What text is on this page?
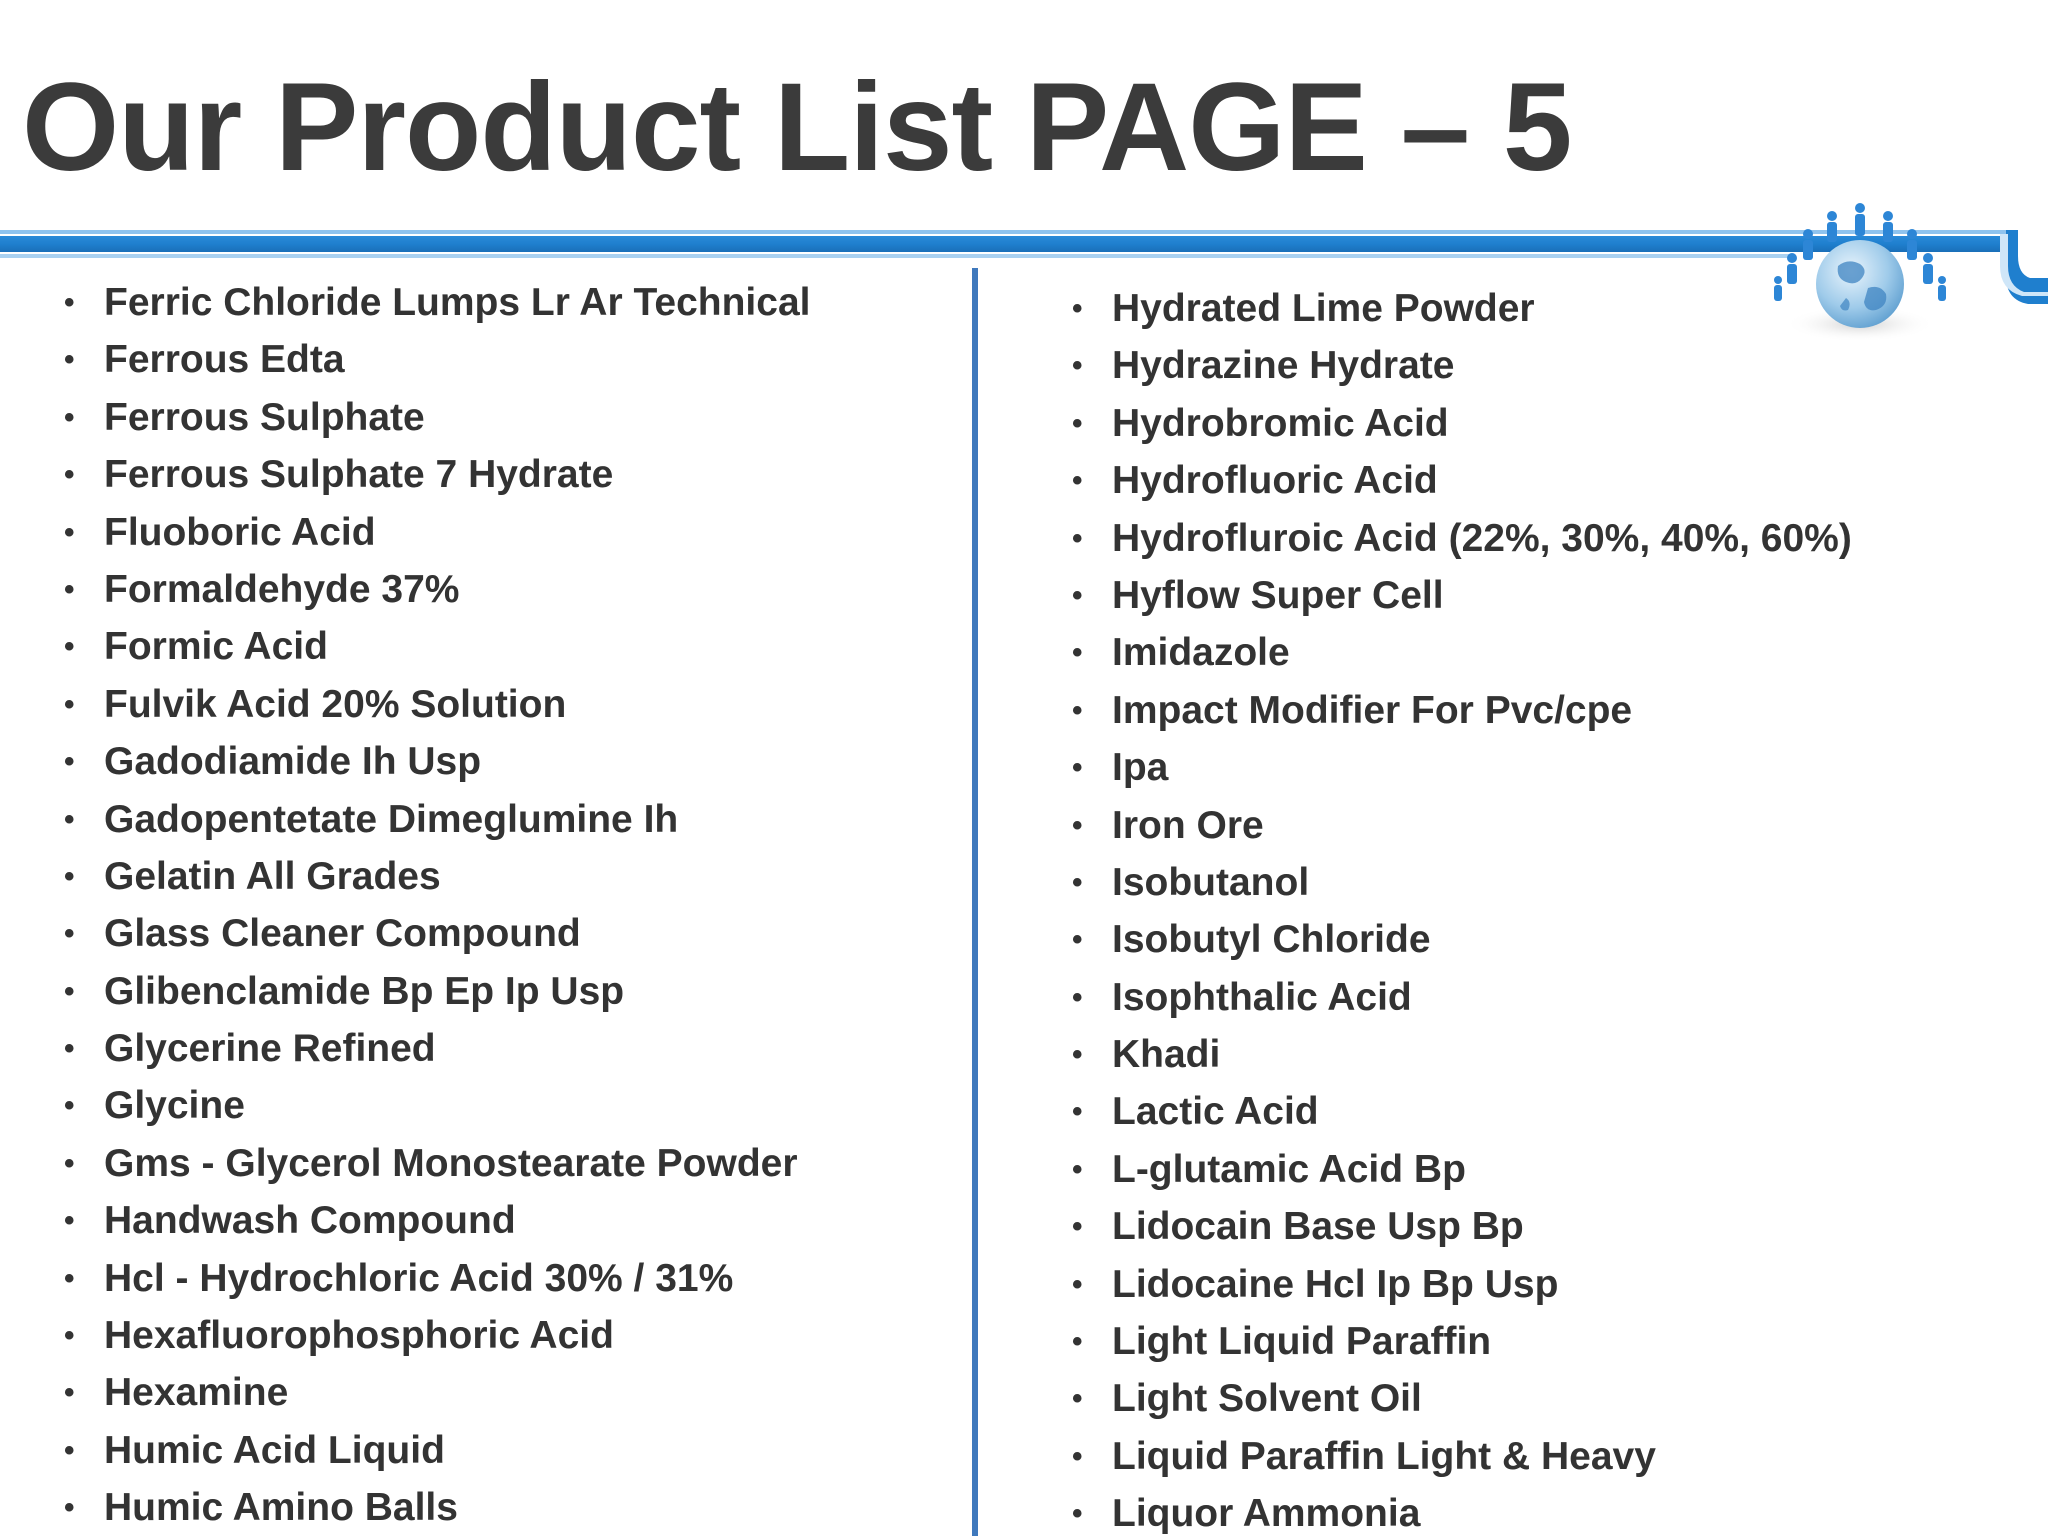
Our Product List PAGE – 5
• Ferric Chloride Lumps Lr Ar Technical
• Ferrous Edta
• Ferrous Sulphate
• Ferrous Sulphate 7 Hydrate
• Fluoboric Acid
• Formaldehyde 37%
• Formic Acid
• Fulvik Acid 20% Solution
• Gadodiamide Ih Usp
• Gadopentetate Dimeglumine Ih
• Gelatin All Grades
• Glass Cleaner Compound
• Glibenclamide Bp Ep Ip Usp
• Glycerine Refined
• Glycine
• Gms - Glycerol Monostearate Powder
• Handwash Compound
• Hcl - Hydrochloric Acid 30% / 31%
• Hexafluorophosphoric Acid
• Hexamine
• Humic Acid Liquid
• Humic Amino Balls
• Hydrated Lime Powder
• Hydrazine Hydrate
• Hydrobromic Acid
• Hydrofluoric Acid
• Hydrofluroic Acid (22%, 30%, 40%, 60%)
• Hyflow Super Cell
• Imidazole
• Impact Modifier For Pvc/cpe
• Ipa
• Iron Ore
• Isobutanol
• Isobutyl Chloride
• Isophthalic Acid
• Khadi
• Lactic Acid
• L-glutamic Acid Bp
• Lidocain Base Usp Bp
• Lidocaine Hcl Ip Bp Usp
• Light Liquid Paraffin
• Light Solvent Oil
• Liquid Paraffin Light & Heavy
• Liquor Ammonia
